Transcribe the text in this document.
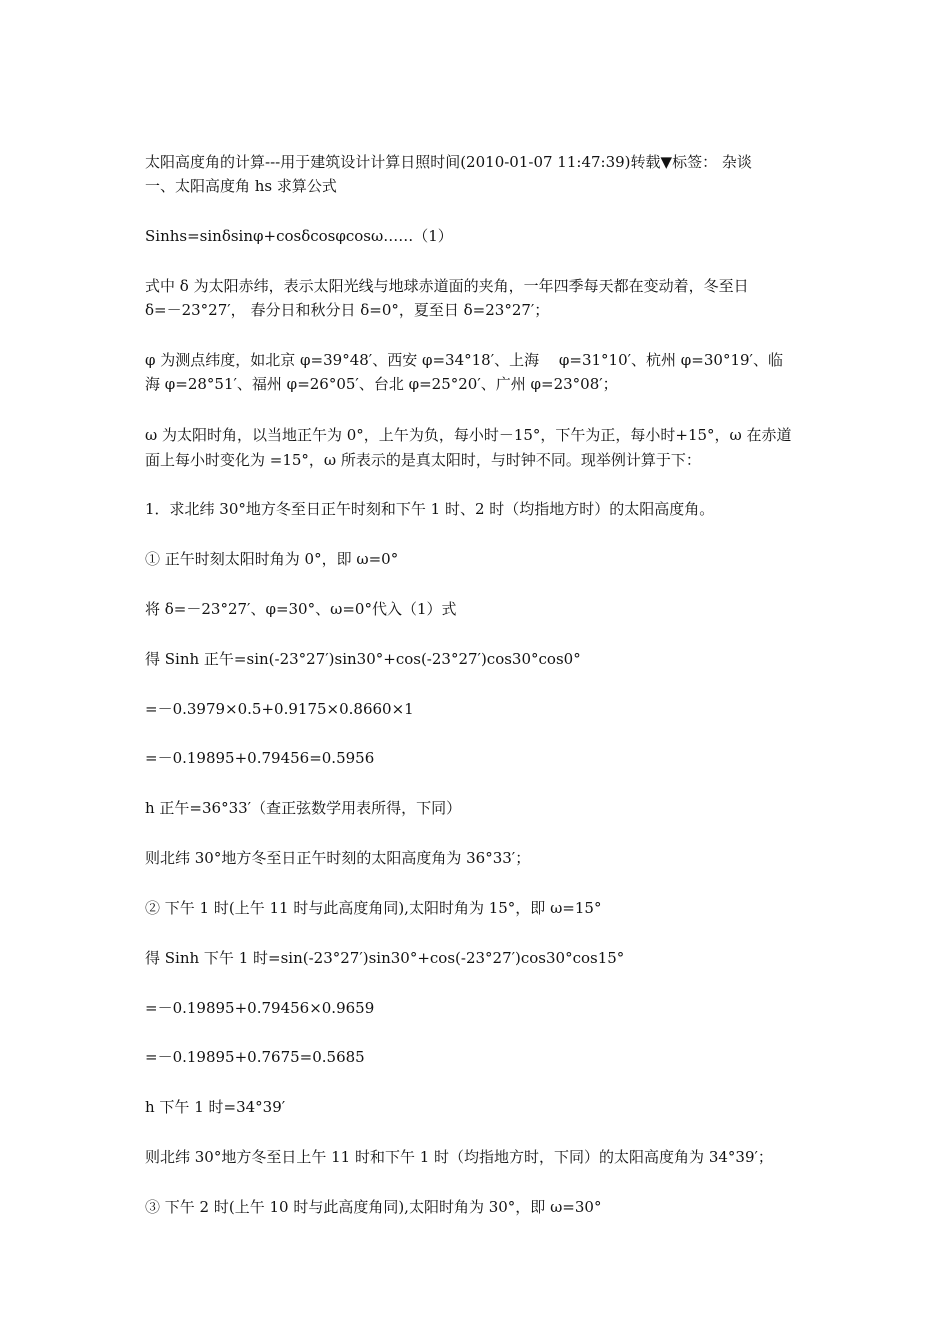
太阳高度角的计算---用于建筑设计计算日照时间(2010-01-07 11:47:39)转载▼标签： 杂谈
一、太阳高度角 hs 求算公式
Sinhs=sinδsinφ+cosδcosφcosω……（1）
式中 δ 为太阳赤纬，表示太阳光线与地球赤道面的夹角，一年四季每天都在变动着，冬至日
δ=－23°27′， 春分日和秋分日 δ=0°，夏至日 δ=23°27′；
φ 为测点纬度，如北京 φ=39°48′、西安 φ=34°18′、上海　 φ=31°10′、杭州 φ=30°19′、临
海 φ=28°51′、福州 φ=26°05′、台北 φ=25°20′、广州 φ=23°08′；
ω 为太阳时角，以当地正午为 0°，上午为负，每小时－15°，下午为正，每小时+15°，ω 在赤道
面上每小时变化为 =15°，ω 所表示的是真太阳时，与时钟不同。现举例计算于下：
1．求北纬 30°地方冬至日正午时刻和下午 1 时、2 时（均指地方时）的太阳高度角。
① 正午时刻太阳时角为 0°，即 ω=0°
将 δ=－23°27′、φ=30°、ω=0°代入（1）式
得 Sinh 正午=sin(-23°27′)sin30°+cos(-23°27′)cos30°cos0°
=－0.3979×0.5+0.9175×0.8660×1
=－0.19895+0.79456=0.5956
h 正午=36°33′（查正弦数学用表所得，下同）
则北纬 30°地方冬至日正午时刻的太阳高度角为 36°33′；
② 下午 1 时(上午 11 时与此高度角同),太阳时角为 15°，即 ω=15°
得 Sinh 下午 1 时=sin(-23°27′)sin30°+cos(-23°27′)cos30°cos15°
=－0.19895+0.79456×0.9659
=－0.19895+0.7675=0.5685
h 下午 1 时=34°39′
则北纬 30°地方冬至日上午 11 时和下午 1 时（均指地方时，下同）的太阳高度角为 34°39′；
③ 下午 2 时(上午 10 时与此高度角同),太阳时角为 30°，即 ω=30°
